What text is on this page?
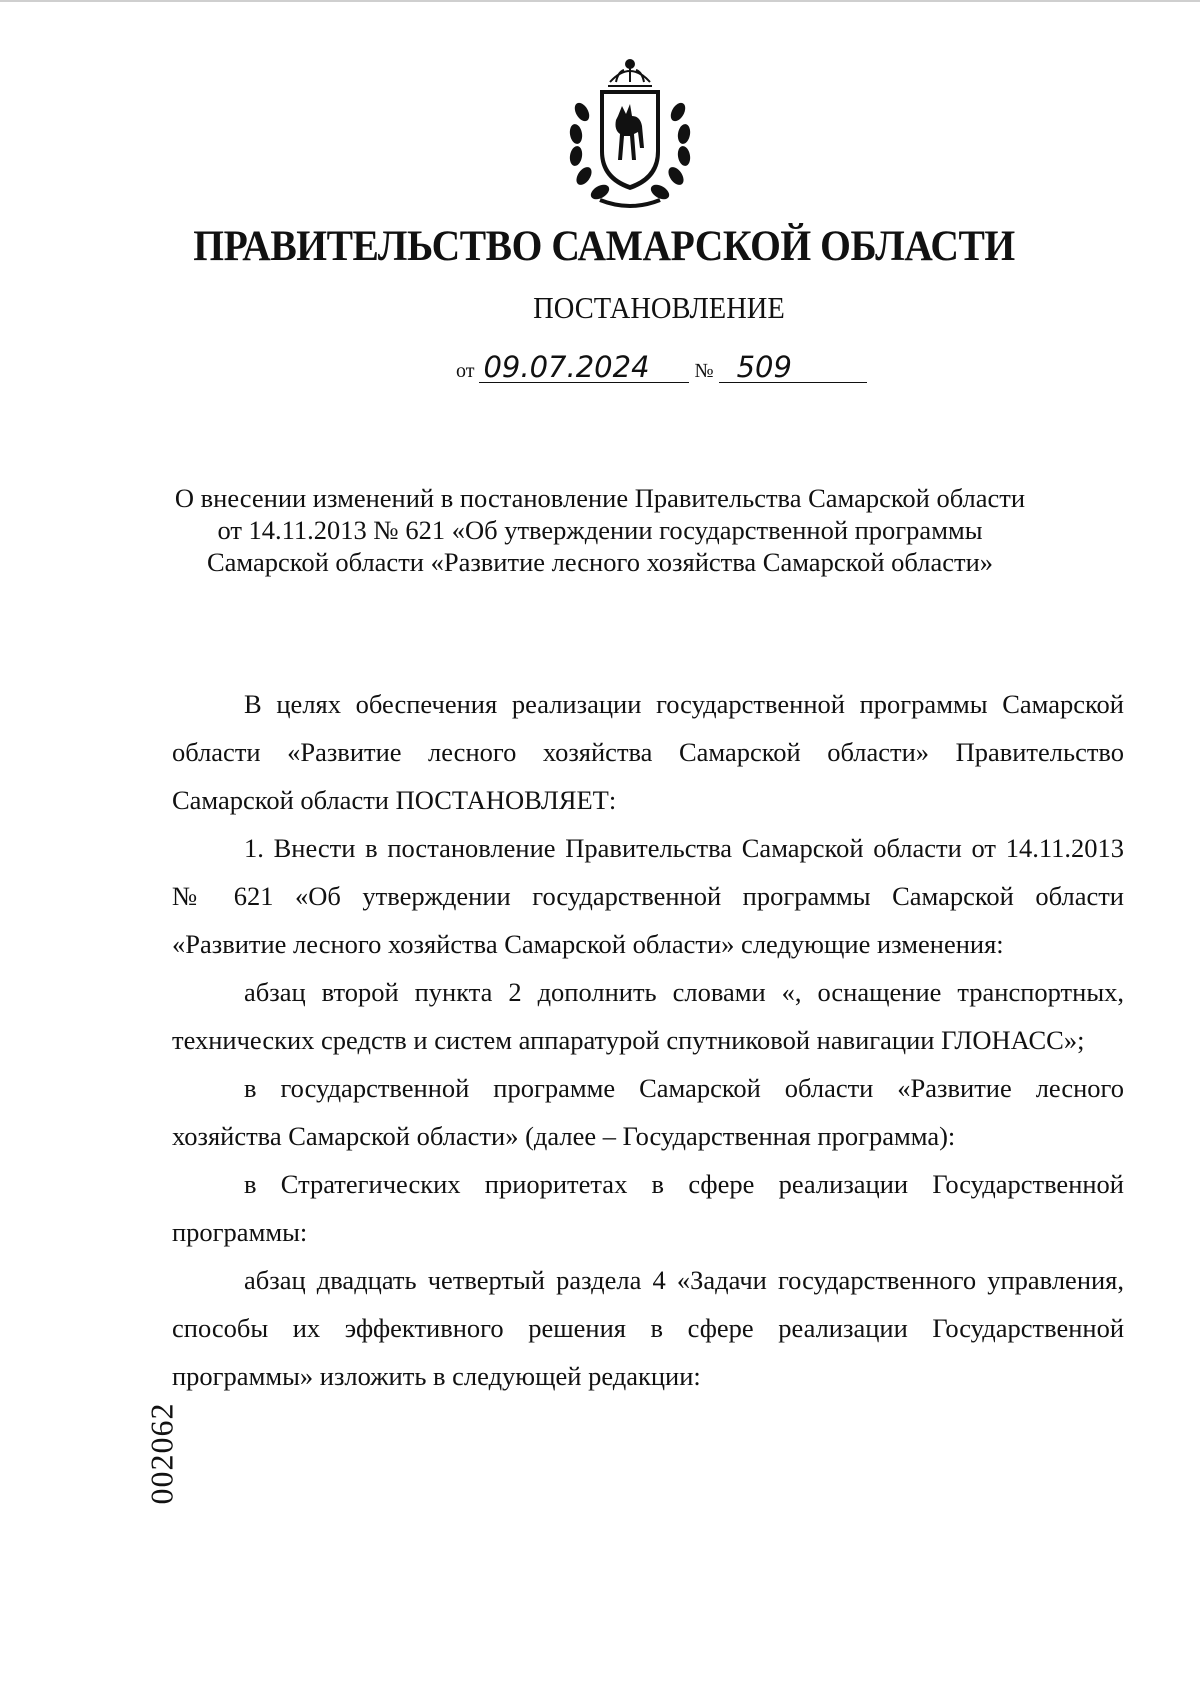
ПРАВИТЕЛЬСТВО САМАРСКОЙ ОБЛАСТИ
ПОСТАНОВЛЕНИЕ
от 09.07.2024 № 509
О внесении изменений в постановление Правительства Самарской области
от 14.11.2013 № 621 «Об утверждении государственной программы
Самарской области «Развитие лесного хозяйства Самарской области»

В целях обеспечения реализации государственной программы Самарской области «Развитие лесного хозяйства Самарской области» Правительство Самарской области ПОСТАНОВЛЯЕТ:

1. Внести в постановление Правительства Самарской области от 14.11.2013 № 621 «Об утверждении государственной программы Самарской области «Развитие лесного хозяйства Самарской области» следующие изменения:

абзац второй пункта 2 дополнить словами «, оснащение транспортных, технических средств и систем аппаратурой спутниковой навигации ГЛОНАСС»;

в государственной программе Самарской области «Развитие лесного хозяйства Самарской области» (далее – Государственная программа):

в Стратегических приоритетах в сфере реализации Государственной программы:

абзац двадцать четвертый раздела 4 «Задачи государственного управления, способы их эффективного решения в сфере реализации Государственной программы» изложить в следующей редакции:

002062
